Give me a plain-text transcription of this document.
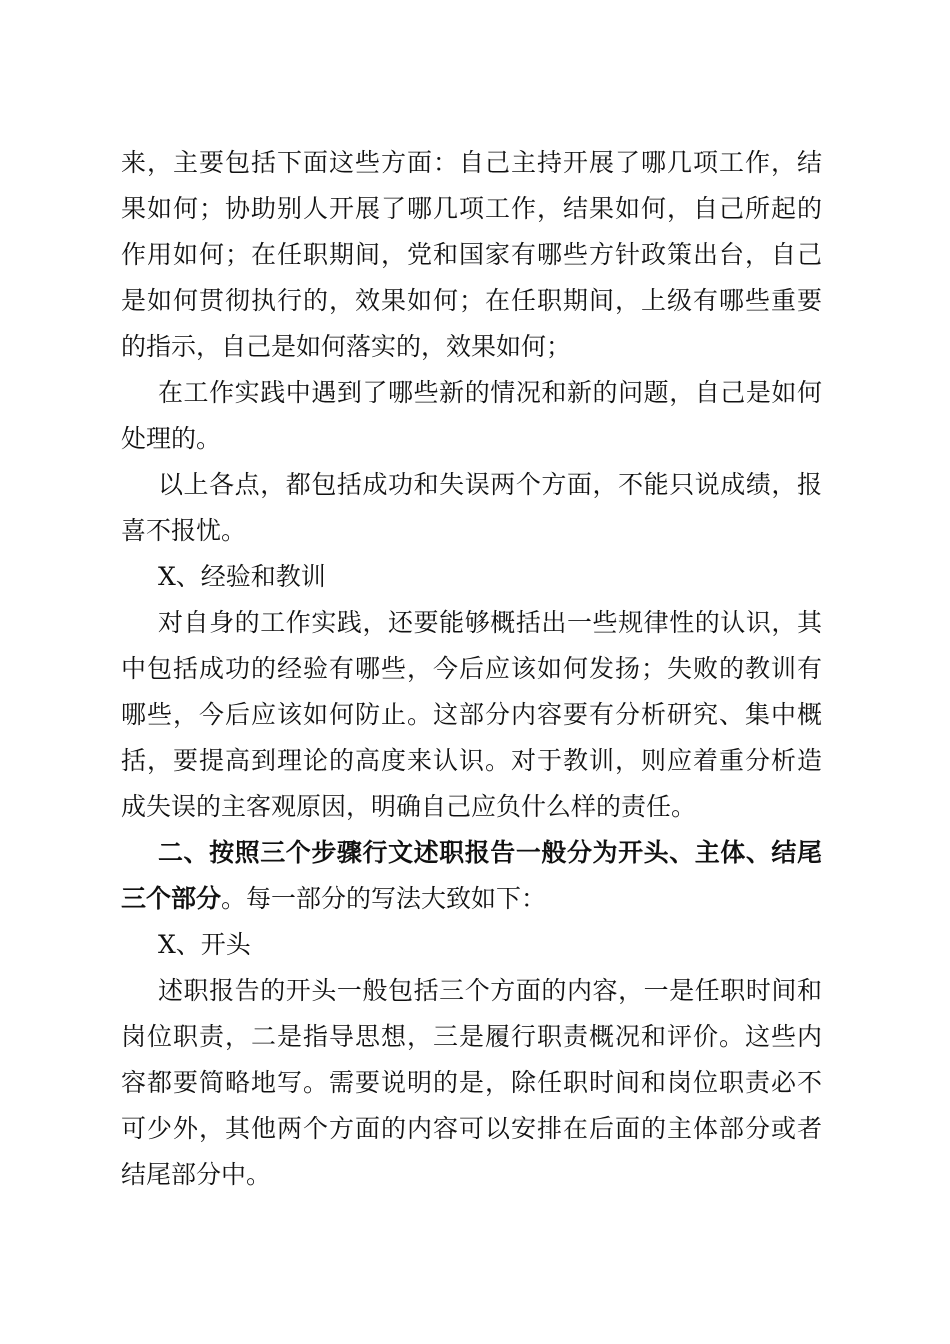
来，主要包括下面这些方面：自己主持开展了哪几项工作，结
果如何；协助别人开展了哪几项工作，结果如何，自己所起的
作用如何；在任职期间，党和国家有哪些方针政策出台，自己
是如何贯彻执行的，效果如何；在任职期间，上级有哪些重要
的指示，自己是如何落实的，效果如何；
在工作实践中遇到了哪些新的情况和新的问题，自己是如何
处理的。
以上各点，都包括成功和失误两个方面，不能只说成绩，报
喜不报忧。
X、经验和教训
对自身的工作实践，还要能够概括出一些规律性的认识，其
中包括成功的经验有哪些，今后应该如何发扬；失败的教训有
哪些，今后应该如何防止。这部分内容要有分析研究、集中概
括，要提高到理论的高度来认识。对于教训，则应着重分析造
成失误的主客观原因，明确自己应负什么样的责任。
二、按照三个步骤行文述职报告一般分为开头、主体、结尾
三个部分。每一部分的写法大致如下：
X、开头
述职报告的开头一般包括三个方面的内容，一是任职时间和
岗位职责，二是指导思想，三是履行职责概况和评价。这些内
容都要简略地写。需要说明的是，除任职时间和岗位职责必不
可少外，其他两个方面的内容可以安排在后面的主体部分或者
结尾部分中。
